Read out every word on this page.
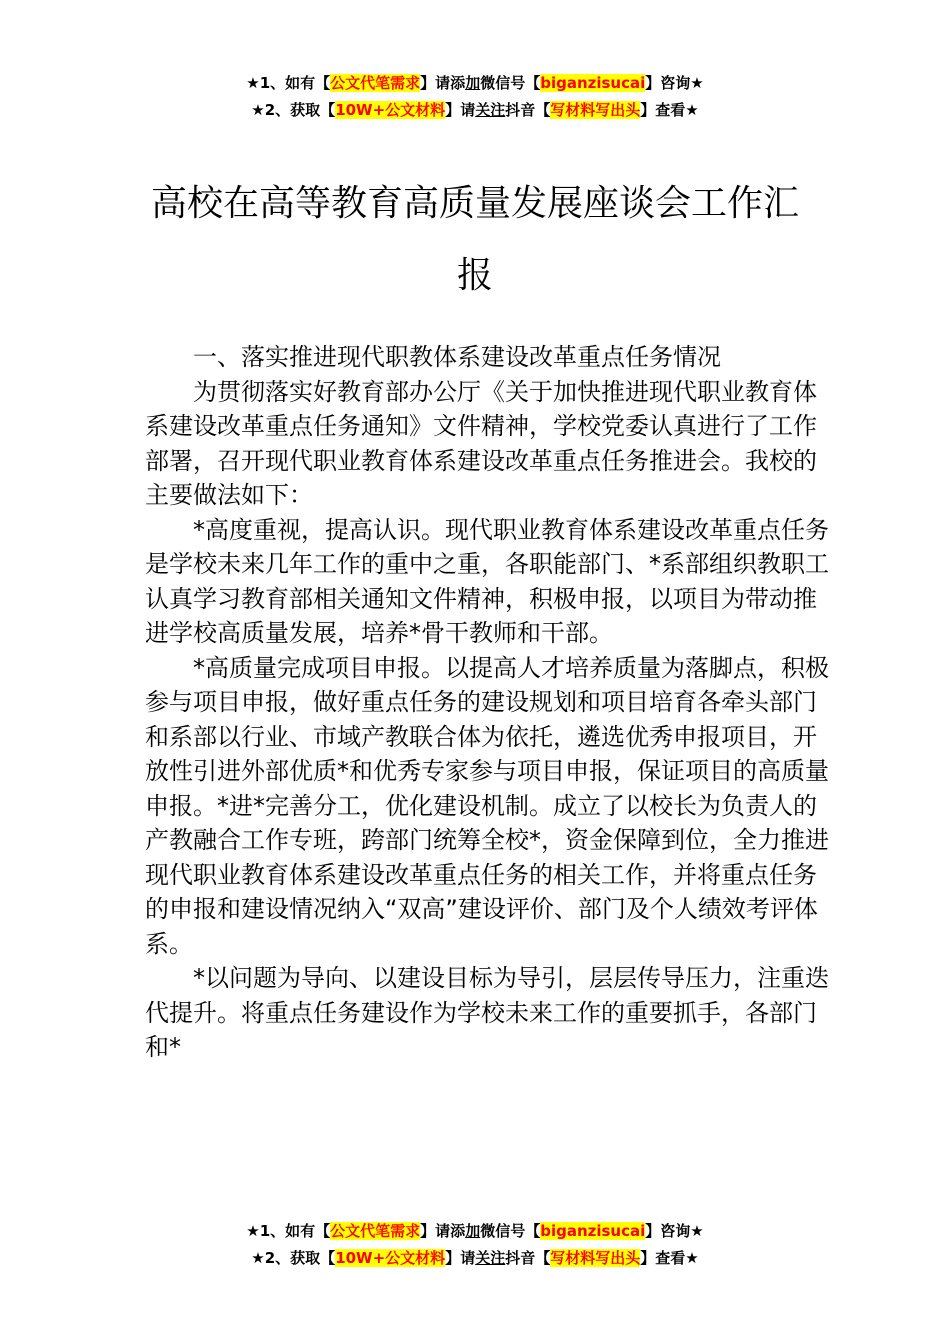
★1、如有【公文代笔需求】请添加微信号【biganzisucai】咨询★
★2、获取【10W+公文材料】请关注抖音【写材料写出头】查看★
高校在高等教育高质量发展座谈会工作汇报
一、落实推进现代职教体系建设改革重点任务情况

为贯彻落实好教育部办公厅《关于加快推进现代职业教育体系建设改革重点任务通知》文件精神，学校党委认真进行了工作部署，召开现代职业教育体系建设改革重点任务推进会。我校的主要做法如下：

*高度重视，提高认识。现代职业教育体系建设改革重点任务是学校未来几年工作的重中之重，各职能部门、*系部组织教职工认真学习教育部相关通知文件精神，积极申报，以项目为带动推进学校高质量发展，培养*骨干教师和干部。

*高质量完成项目申报。以提高人才培养质量为落脚点，积极参与项目申报，做好重点任务的建设规划和项目培育各牵头部门和系部以行业、市域产教联合体为依托，遴选优秀申报项目，开放性引进外部优质*和优秀专家参与项目申报，保证项目的高质量申报。*进*完善分工，优化建设机制。成立了以校长为负责人的产教融合工作专班，跨部门统筹全校*，资金保障到位，全力推进现代职业教育体系建设改革重点任务的相关工作，并将重点任务的申报和建设情况纳入“双高”建设评价、部门及个人绩效考评体系。

*以问题为导向、以建设目标为导引，层层传导压力，注重迭代提升。将重点任务建设作为学校未来工作的重要抓手，各部门和*

★1、如有【公文代笔需求】请添加微信号【biganzisucai】咨询★
★2、获取【10W+公文材料】请关注抖音【写材料写出头】查看★
